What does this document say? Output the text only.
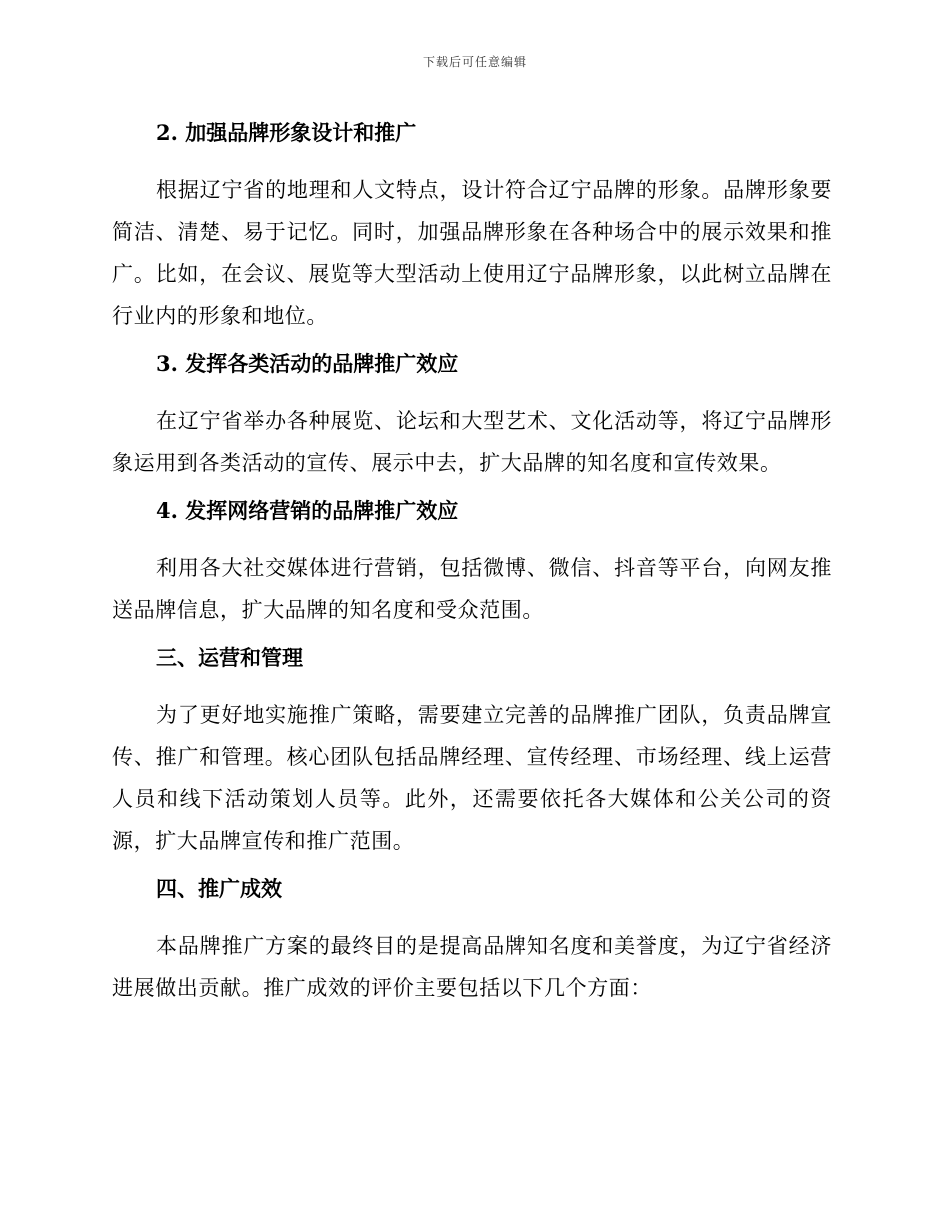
下载后可任意编辑
2. 加强品牌形象设计和推广

根据辽宁省的地理和人文特点，设计符合辽宁品牌的形象。品牌形象要简洁、清楚、易于记忆。同时，加强品牌形象在各种场合中的展示效果和推广。比如，在会议、展览等大型活动上使用辽宁品牌形象，以此树立品牌在行业内的形象和地位。

3. 发挥各类活动的品牌推广效应

在辽宁省举办各种展览、论坛和大型艺术、文化活动等，将辽宁品牌形象运用到各类活动的宣传、展示中去，扩大品牌的知名度和宣传效果。

4. 发挥网络营销的品牌推广效应

利用各大社交媒体进行营销，包括微博、微信、抖音等平台，向网友推送品牌信息，扩大品牌的知名度和受众范围。

三、运营和管理

为了更好地实施推广策略，需要建立完善的品牌推广团队，负责品牌宣传、推广和管理。核心团队包括品牌经理、宣传经理、市场经理、线上运营人员和线下活动策划人员等。此外，还需要依托各大媒体和公关公司的资源，扩大品牌宣传和推广范围。

四、推广成效

本品牌推广方案的最终目的是提高品牌知名度和美誉度，为辽宁省经济进展做出贡献。推广成效的评价主要包括以下几个方面：
